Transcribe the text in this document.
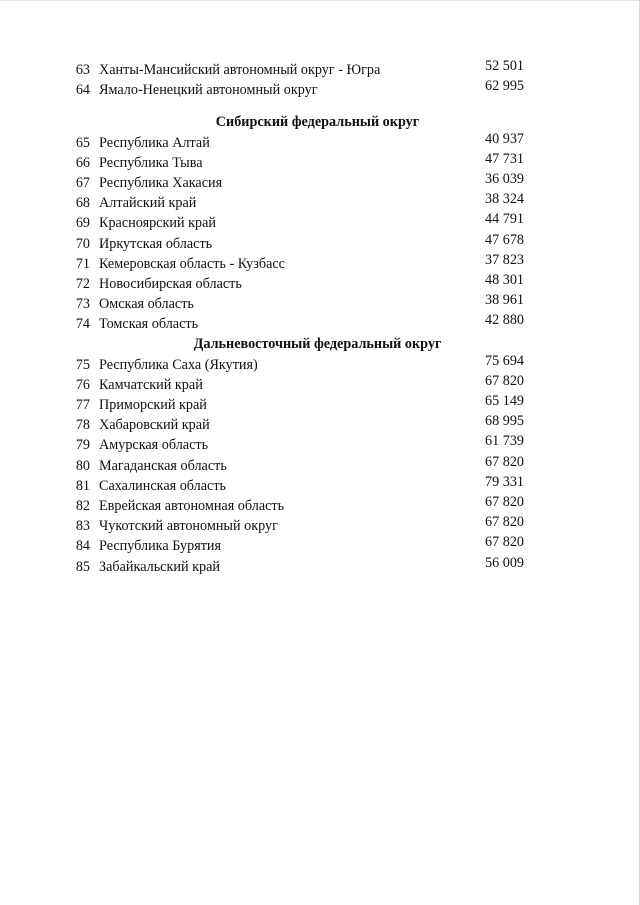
63 Ханты-Мансийский автономный округ - Югра	52 501
64 Ямало-Ненецкий автономный округ	62 995
Сибирский федеральный округ
65 Республика Алтай	40 937
66 Республика Тыва	47 731
67 Республика Хакасия	36 039
68 Алтайский край	38 324
69 Красноярский край	44 791
70 Иркутская область	47 678
71 Кемеровская область - Кузбасс	37 823
72 Новосибирская область	48 301
73 Омская область	38 961
74 Томская область	42 880
Дальневосточный федеральный округ
75 Республика Саха (Якутия)	75 694
76 Камчатский край	67 820
77 Приморский край	65 149
78 Хабаровский край	68 995
79 Амурская область	61 739
80 Магаданская область	67 820
81 Сахалинская область	79 331
82 Еврейская автономная область	67 820
83 Чукотский автономный округ	67 820
84 Республика Бурятия	67 820
85 Забайкальский край	56 009
